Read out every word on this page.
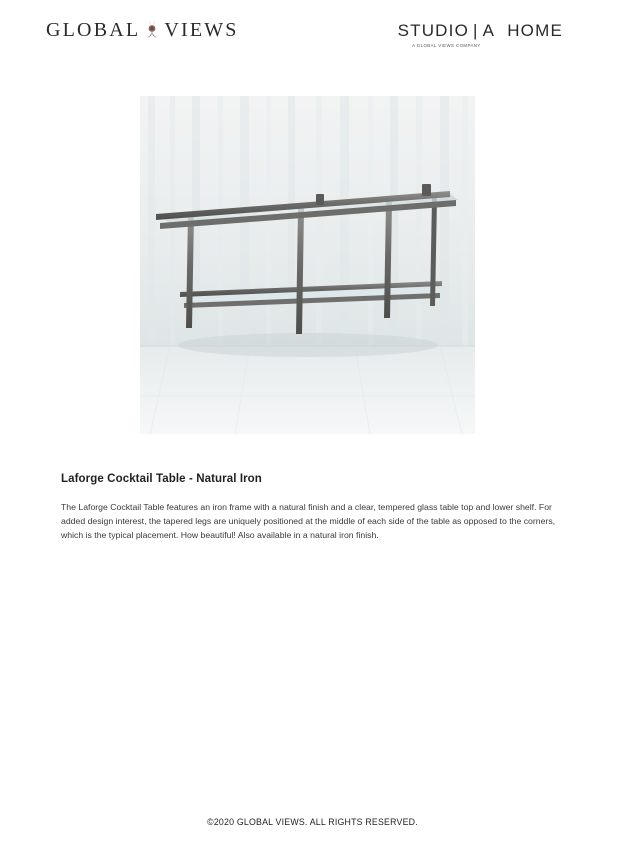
GLOBAL VIEWS	STUDIO | A
A GLOBAL VIEWS COMPANY
HOME
Laforge Cocktail Table - Natural Iron
The Laforge Cocktail Table features an iron frame with a natural finish and a clear, tempered glass table top and lower shelf. For added design interest, the tapered legs are uniquely positioned at the middle of each side of the table as opposed to the corners, which is the typical placement. How beautiful! Also available in a natural iron finish.
©2020 GLOBAL VIEWS. ALL RIGHTS RESERVED.
